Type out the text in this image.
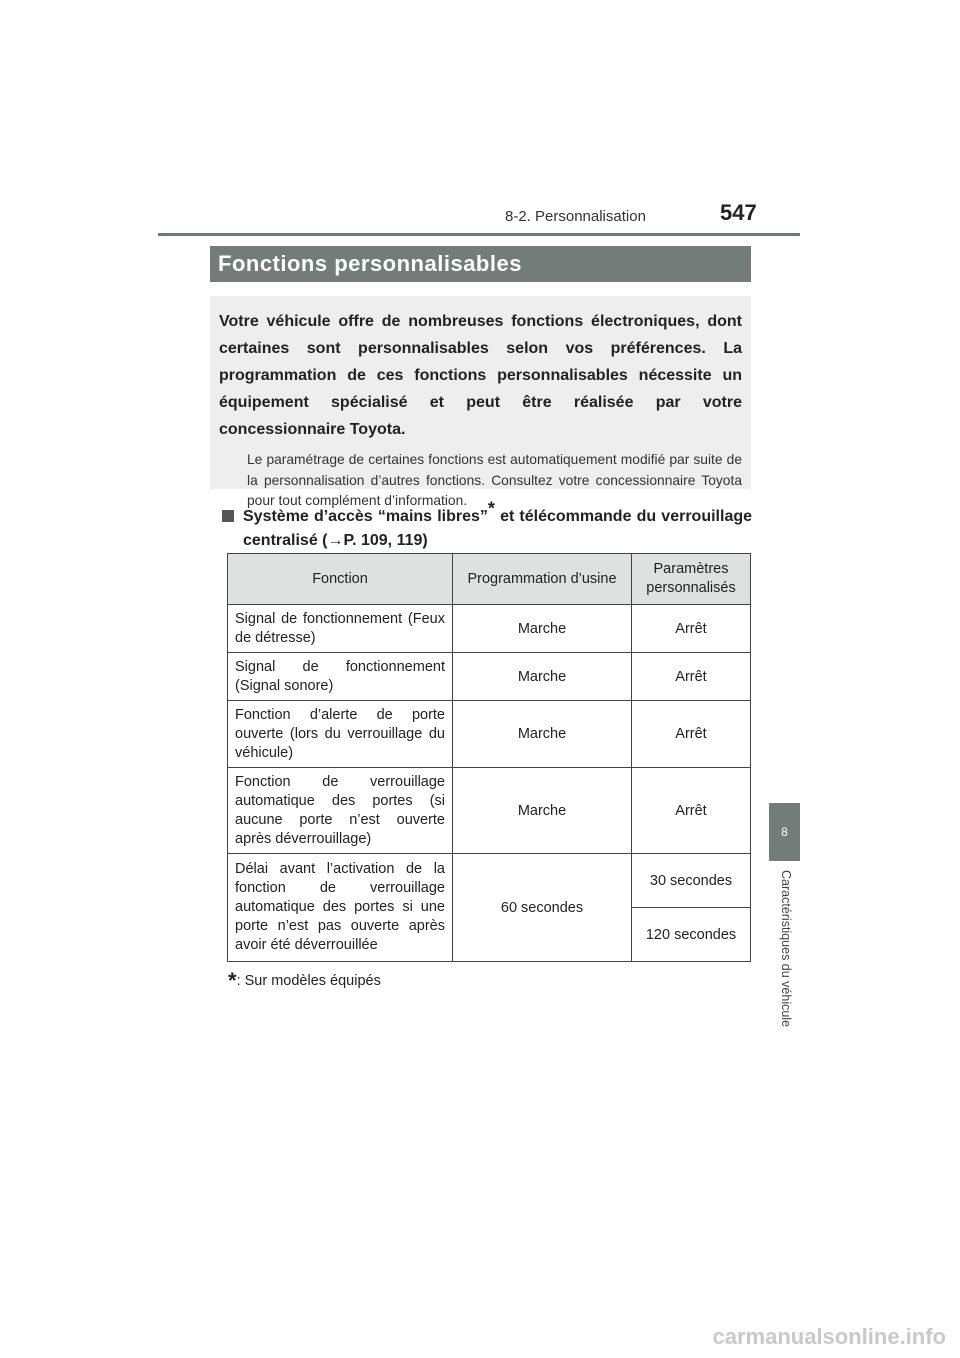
8-2. Personnalisation	547
8
Caractéristiques du véhicule
Fonctions personnalisables
Votre véhicule offre de nombreuses fonctions électroniques, dont certaines sont personnalisables selon vos préférences. La programmation de ces fonctions personnalisables nécessite un équipement spécialisé et peut être réalisée par votre concessionnaire Toyota.
Le paramétrage de certaines fonctions est automatiquement modifié par suite de la personnalisation d’autres fonctions. Consultez votre concessionnaire Toyota pour tout complément d’information.
Système d’accès “mains libres”* et télécommande du verrouillage centralisé (→P. 109, 119)
Fonction	Programmation d’usine	Paramètres personnalisés
Signal de fonctionnement (Feux de détresse)	Marche	Arrêt
Signal de fonctionnement (Signal sonore)	Marche	Arrêt
Fonction d’alerte de porte ouverte (lors du verrouillage du véhicule)	Marche	Arrêt
Fonction de verrouillage automatique des portes (si aucune porte n’est ouverte après déverrouillage)	Marche	Arrêt
Délai avant l’activation de la fonction de verrouillage automatique des portes si une porte n’est pas ouverte après avoir été déverrouillée	60 secondes	30 secondes
		120 secondes
*: Sur modèles équipés
carmanualsonline.info
